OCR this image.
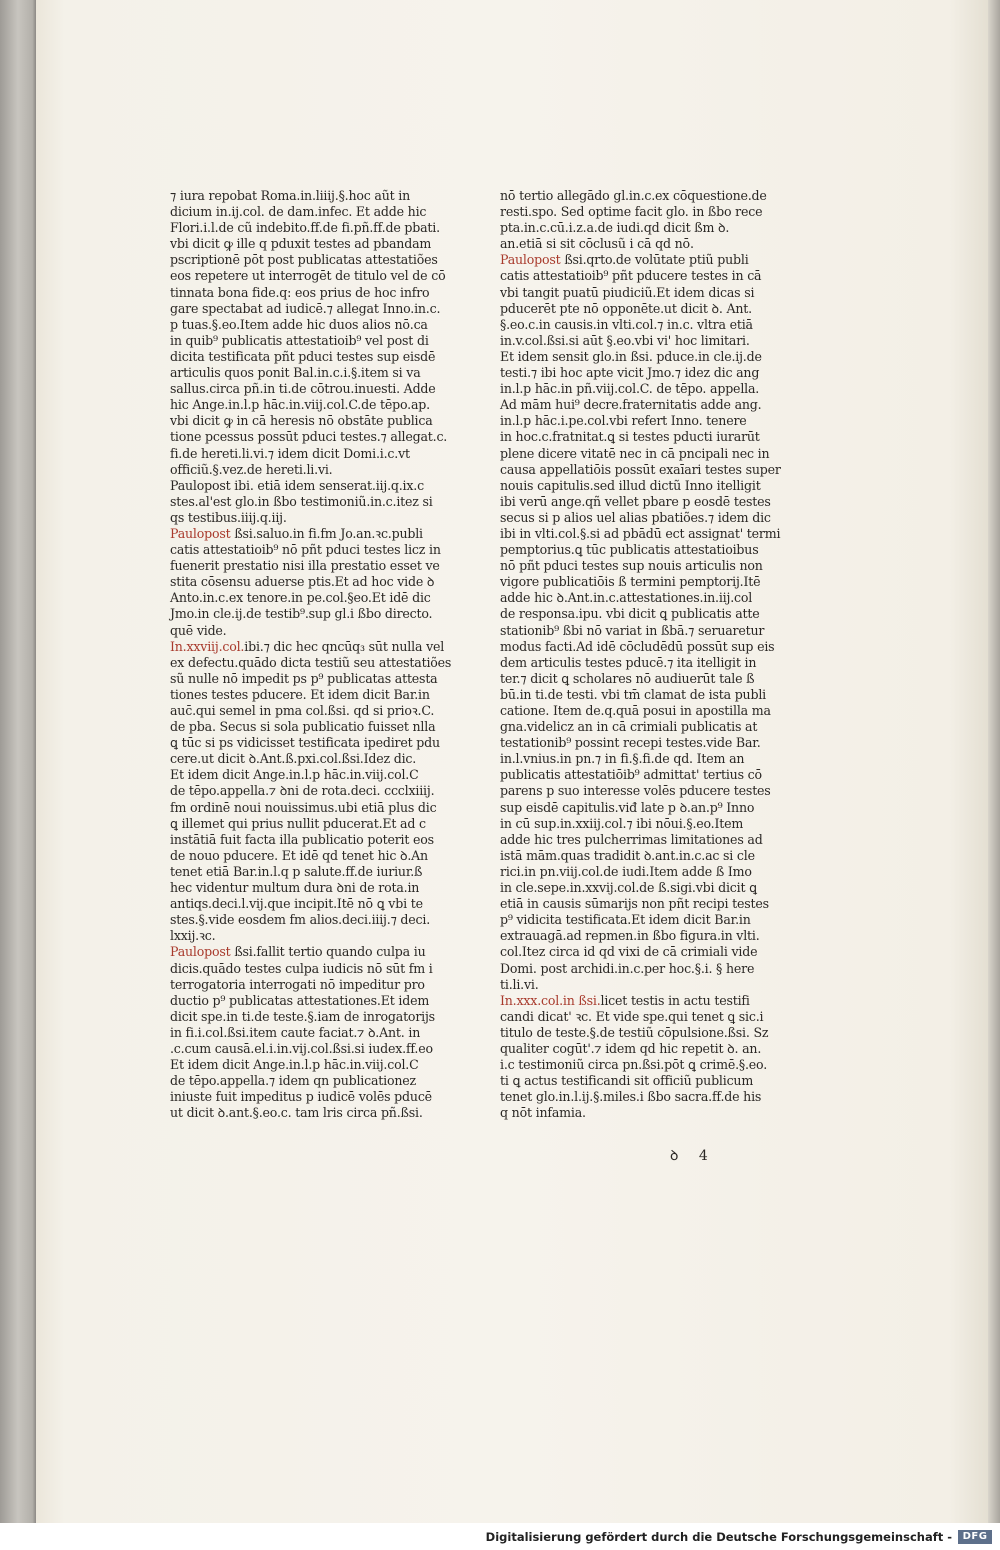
⁊ iura repobat Roma.in.liiij.§.hoc aũt in
dicium in.ij.col. de dam.infec. Et adde hic
Flori.i.l.de cũ indebito.ff.de fi.pñ.ff.de pbati.
vbi dicit ꝙ ille q pduxit testes ad pbandam
pscriptionē pōt post publicatas attestatiões
eos repetere ut interrogēt de titulo vel de cō
tinnata bona fide.q: eos prius de hoc infro
gare spectabat ad iudicē.⁊ allegat Inno.in.c.
p tuas.§.eo.Item adde hic duos alios nō.ca
in quib⁹ publicatis attestatioib⁹ vel post di
dicita testificata pñt pduci testes sup eisdē
articulis quos ponit Bal.in.c.i.§.item si va
sallus.circa pñ.in ti.de cōtrou.inuesti. Adde
hic Ange.in.l.p hāc.in.viij.col.C.de tēpo.ap.
vbi dicit ꝙ in cā heresis nō obstāte publica
tione pcessus possūt pduci testes.⁊ allegat.c.
fi.de hereti.li.vi.⁊ idem dicit Domi.i.c.vt
officiũ.§.vez.de hereti.li.vi.
Paulopost ibi. etiā idem senserat.iij.q.ix.c
stes.al'est glo.in ßbo testimoniũ.in.c.itez si
qs testibus.iiij.q.iij.
Paulopost ßsi.saluo.in fi.fm Jo.an.ꝛc.publi
catis attestatioib⁹ nō pñt pduci testes licz in
fuenerit prestatio nisi illa prestatio esset ve
stita cōsensu aduerse ptis.Et ad hoc vide ꝺ
Anto.in.c.ex tenore.in pe.col.§eo.Et idē dic
Jmo.in cle.ij.de testib⁹.sup gl.i ßbo directo.
quē vide.
In.xxviij.col.ibi.⁊ dic hec qncūq₃ sūt nulla vel
ex defectu.quādo dicta testiũ seu attestatiões
sũ nulle nō impedit ps p⁹ publicatas attesta
tiones testes pducere. Et idem dicit Bar.in
auc̄.qui semel in pma col.ßsi. qd si prioꝛ.C.
de pba. Secus si sola publicatio fuisset nlla
ꝗ tūc si ps vidicisset testificata ipediret pdu
cere.ut dicit ꝺ.Ant.ß.pxi.col.ßsi.Idez dic.
Et idem dicit Ange.in.l.p hāc.in.viij.col.C
de tēpo.appella.⁊ ꝺni de rota.deci. ccclxiiij.
fm ordinē noui nouissimus.ubi etiā plus dic
ꝗ illemet qui prius nullit pducerat.Et ad c
instātiā fuit facta illa publicatio poterit eos
de nouo pducere. Et idē qd tenet hic ꝺ.An
tenet etiā Bar.in.l.q p salute.ff.de iuriur.ß
hec videntur multum dura ꝺni de rota.in
antiqs.deci.l.vij.que incipit.Itē nō ꝗ vbi te
stes.§.vide eosdem fm alios.deci.iiij.⁊ deci.
lxxij.ꝛc.
Paulopost ßsi.fallit tertio quando culpa iu
dicis.quādo testes culpa iudicis nō sūt fm i
terrogatoria interrogati nō impeditur pro
ductio p⁹ publicatas attestationes.Et idem
dicit spe.in ti.de teste.§.iam de inrogatorijs
in fi.i.col.ßsi.item caute faciat.⁊ ꝺ.Ant. in
.c.cum causā.el.i.in.vij.col.ßsi.si iudex.ff.eo
Et idem dicit Ange.in.l.p hāc.in.viij.col.C
de tēpo.appella.⁊ idem qn publicationez
iniuste fuit impeditus p iudicē volēs pducē
ut dicit ꝺ.ant.§.eo.c. tam lris circa pñ.ßsi.
nō tertio allegādo gl.in.c.ex cōquestione.de
resti.spo. Sed optime facit glo. in ßbo rece
pta.in.c.cū.i.z.a.de iudi.qd dicit ßm ꝺ.
an.etiā si sit cōclusũ i cā qd nō.
Paulopost ßsi.qrto.de volūtate ptiũ publi
catis attestatioib⁹ pñt pducere testes in cā
vbi tangit puatū piudiciũ.Et idem dicas si
pducerēt pte nō opponēte.ut dicit ꝺ. Ant.
§.eo.c.in causis.in vlti.col.⁊ in.c. vltra etiā
in.v.col.ßsi.si aūt §.eo.vbi vi' hoc limitari.
Et idem sensit glo.in ßsi. pduce.in cle.ij.de
testi.⁊ ibi hoc apte vicit Jmo.⁊ idez dic ang
in.l.p hāc.in pñ.viij.col.C. de tēpo. appella.
Ad mām hui⁹ decre.fraternitatis adde ang.
in.l.p hāc.i.pe.col.vbi refert Inno. tenere
in hoc.c.fratnitat.ꝗ si testes pducti iurarūt
plene dicere vitatē nec in cā pncipali nec in
causa appellatiōis possūt exaīari testes super
nouis capitulis.sed illud dictũ Inno itelligit
ibi verū ange.qñ vellet pbare p eosdē testes
secus si p alios uel alias pbatiões.⁊ idem dic
ibi in vlti.col.§.si ad pbādū ect assignat' termi
pemptorius.ꝗ tūc publicatis attestatioibus
nō pñt pduci testes sup nouis articulis non
vigore publicatiōis ß termini pemptorij.Itē
adde hic ꝺ.Ant.in.c.attestationes.in.iij.col
de responsa.ipu. vbi dicit ꝗ publicatis atte
stationib⁹ ßbi nō variat in ßbā.⁊ seruaretur
modus facti.Ad idē cōcludēdū possūt sup eis
dem articulis testes pducē.⁊ ita itelligit in
ter.⁊ dicit ꝗ scholares nō audiuerūt tale ß
bū.in ti.de testi. vbi tm̄ clamat de ista publi
catione. Item de.q.quā posui in apostilla ma
gna.videlicz an in cā crimiali publicatis at
testationib⁹ possint recepi testes.vide Bar.
in.l.vnius.in pn.⁊ in fi.§.fi.de qd. Item an
publicatis attestatiōib⁹ admittat' tertius cō
parens p suo interesse volēs pducere testes
sup eisdē capitulis.viđ late p ꝺ.an.p⁹ Inno
in cū sup.in.xxiij.col.⁊ ibi nōui.§.eo.Item
adde hic tres pulcherrimas limitationes ad
istā mām.quas tradidit ꝺ.ant.in.c.ac si cle
rici.in pn.viij.col.de iudi.Item adde ß Imo
in cle.sepe.in.xxvij.col.de ß.sigi.vbi dicit ꝗ
etiā in causis sūmarijs non pñt recipi testes
p⁹ vidicita testificata.Et idem dicit Bar.in
extrauagā.ad repmen.in ßbo figura.in vlti.
col.Itez circa id qd vixi de cā crimiali vide
Domi. post archidi.in.c.per hoc.§.i. § here
ti.li.vi.
In.xxx.col.in ßsi.licet testis in actu testifi
candi dicat' ꝛc. Et vide spe.qui tenet ꝗ sic.i
titulo de teste.§.de testiũ cōpulsione.ßsi. Sz
qualiter cogūt'.⁊ idem qd hic repetit ꝺ. an.
i.c testimoniũ circa pn.ßsi.pōt ꝗ crimē.§.eo.
ti ꝗ actus testificandi sit officiũ publicum
tenet glo.in.l.ij.§.miles.i ßbo sacra.ff.de his
q nōt infamia.
ꝺ 4
Digitalisierung gefördert durch die Deutsche Forschungsgemeinschaft -	DFG
